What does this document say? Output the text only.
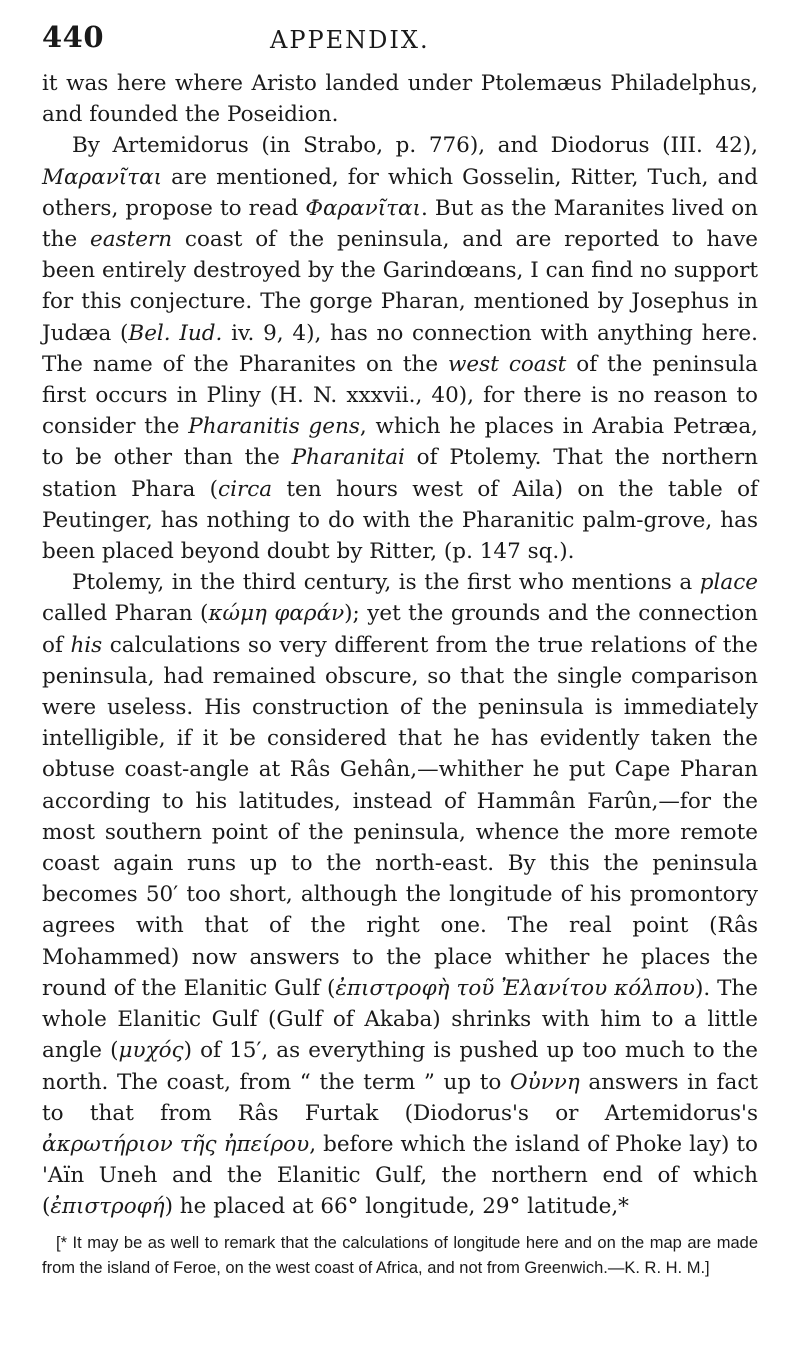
440	APPENDIX.

it was here where Aristo landed under Ptolemæus Philadelphus, and founded the Poseidion.

By Artemidorus (in Strabo, p. 776), and Diodorus (III. 42), Μαρανῖται are mentioned, for which Gosselin, Ritter, Tuch, and others, propose to read Φαρανῖται. But as the Maranites lived on the eastern coast of the peninsula, and are reported to have been entirely destroyed by the Garindœans, I can find no support for this conjecture. The gorge Pharan, mentioned by Josephus in Judæa (Bel. Iud. iv. 9, 4), has no connection with anything here. The name of the Pharanites on the west coast of the peninsula first occurs in Pliny (H. N. xxxvii., 40), for there is no reason to consider the Pharanitis gens, which he places in Arabia Petræa, to be other than the Pharanitai of Ptolemy. That the northern station Phara (circa ten hours west of Aila) on the table of Peutinger, has nothing to do with the Pharanitic palm-grove, has been placed beyond doubt by Ritter, (p. 147 sq.).

Ptolemy, in the third century, is the first who mentions a place called Pharan (κώμη φαράν); yet the grounds and the connection of his calculations so very different from the true relations of the peninsula, had remained obscure, so that the single comparison were useless. His construction of the peninsula is immediately intelligible, if it be considered that he has evidently taken the obtuse coast-angle at Râs Gehân,—whither he put Cape Pharan according to his latitudes, instead of Hammân Farûn,—for the most southern point of the peninsula, whence the more remote coast again runs up to the north-east. By this the peninsula becomes 50′ too short, although the longitude of his promontory agrees with that of the right one. The real point (Râs Mohammed) now answers to the place whither he places the round of the Elanitic Gulf (ἐπιστροφὴ τοῦ Ἐλανίτου κόλπου). The whole Elanitic Gulf (Gulf of Akaba) shrinks with him to a little angle (μυχός) of 15′, as everything is pushed up too much to the north. The coast, from “ the term ” up to Οὐννη answers in fact to that from Râs Furtak (Diodorus's or Artemidorus's ἀκρωτήριον τῆς ἠπείρου, before which the island of Phoke lay) to 'Aïn Uneh and the Elanitic Gulf, the northern end of which (ἐπιστροφή) he placed at 66° longitude, 29° latitude,*

[* It may be as well to remark that the calculations of longitude here and on the map are made from the island of Feroe, on the west coast of Africa, and not from Greenwich.—K. R. H. M.]
